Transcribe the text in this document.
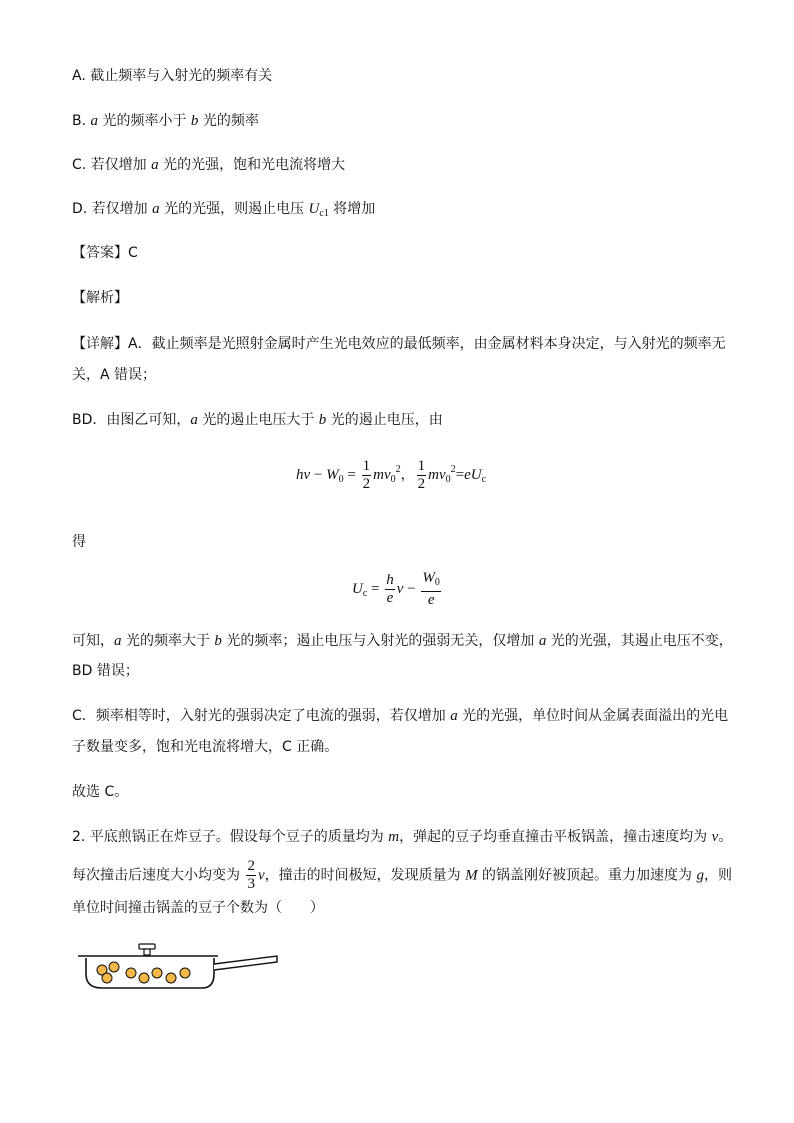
A. 截止频率与入射光的频率有关
B. a 光的频率小于 b 光的频率
C. 若仅增加 a 光的光强，饱和光电流将增大
D. 若仅增加 a 光的光强，则遏止电压 $U_{c1}$ 将增加
【答案】C
【解析】
【详解】A．截止频率是光照射金属时产生光电效应的最低频率，由金属材料本身决定，与入射光的频率无
关，A 错误；
BD．由图乙可知，a 光的遏止电压大于 b 光的遏止电压，由
$h\nu - W_0 = \frac{1}{2} mv_0^2$， $\frac{1}{2} mv_0^2=eU_c$
得
$U_c = \frac{h}{e}$ $\nu - \frac{W_0}{e}$
可知，a 光的频率大于 b 光的频率；遏止电压与入射光的强弱无关，仅增加 a 光的光强，其遏止电压不变，
BD 错误；
C．频率相等时，入射光的强弱决定了电流的强弱，若仅增加 a 光的光强，单位时间从金属表面溢出的光电
子数量变多，饱和光电流将增大，C 正确。
故选 C。
2. 平底煎锅正在炸豆子。假设每个豆子的质量均为 m，弹起的豆子均垂直撞击平板锅盖，撞击速度均为 v。
每次撞击后速度大小均变为 $\frac{2}{3}$ v，撞击的时间极短，发现质量为 M 的锅盖刚好被顶起。重力加速度为 g，则
单位时间撞击锅盖的豆子个数为（　　）
